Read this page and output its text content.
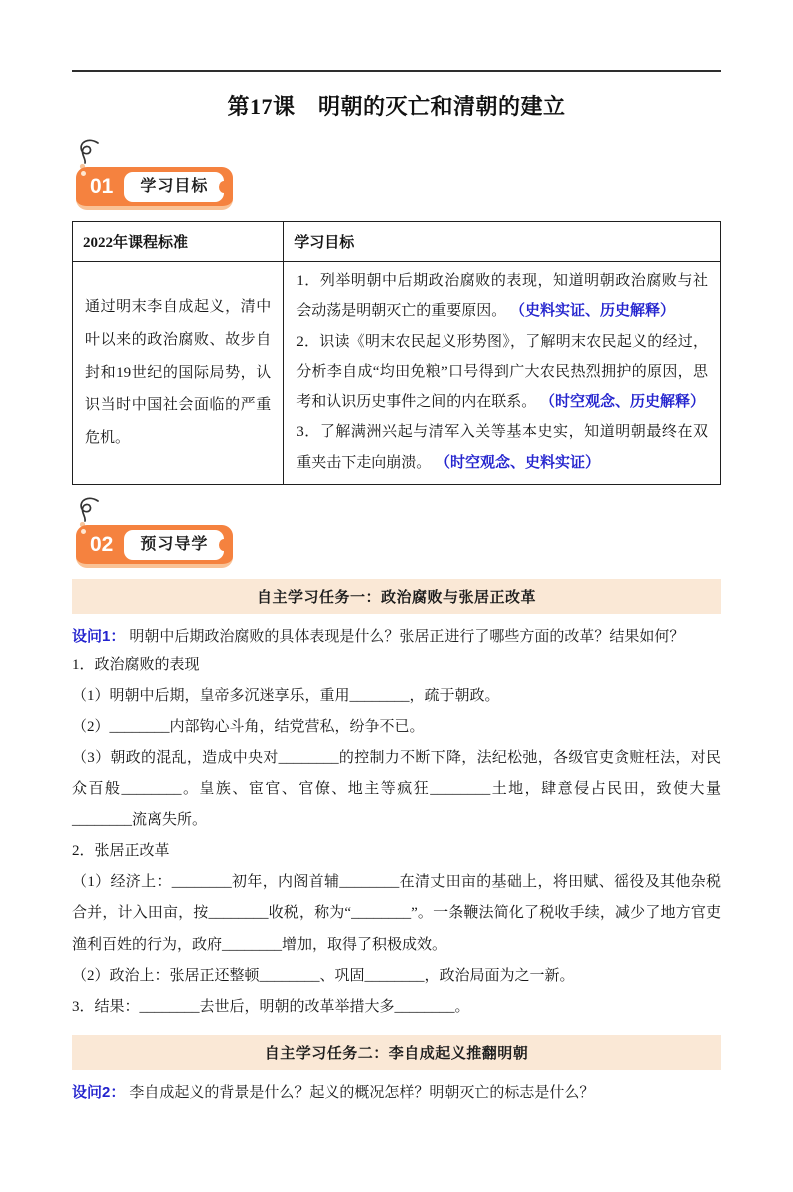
第17课　明朝的灭亡和清朝的建立
01	学习目标
2022年课程标准	学习目标
通过明末李自成起义，清中叶以来的政治腐败、故步自封和19世纪的国际局势，认识当时中国社会面临的严重危机。	1．列举明朝中后期政治腐败的表现，知道明朝政治腐败与社会动荡是明朝灭亡的重要原因。 （史料实证、历史解释）

2．识读《明末农民起义形势图》，了解明末农民起义的经过，分析李自成“均田免粮”口号得到广大农民热烈拥护的原因，思考和认识历史事件之间的内在联系。 （时空观念、历史解释）

3．了解满洲兴起与清军入关等基本史实，知道明朝最终在双重夹击下走向崩溃。 （时空观念、史料实证）

02	预习导学
自主学习任务一：政治腐败与张居正改革

设问1： 明朝中后期政治腐败的具体表现是什么？张居正进行了哪些方面的改革？结果如何？

1．政治腐败的表现

（1）明朝中后期，皇帝多沉迷享乐，重用________，疏于朝政。

（2）________内部钩心斗角，结党营私，纷争不已。

（3）朝政的混乱，造成中央对________的控制力不断下降，法纪松弛，各级官吏贪赃枉法，对民众百般________。皇族、宦官、官僚、地主等疯狂________土地，肆意侵占民田，致使大量________流离失所。

2．张居正改革

（1）经济上：________初年，内阁首辅________在清丈田亩的基础上，将田赋、徭役及其他杂税合并，计入田亩，按________收税，称为“________”。一条鞭法简化了税收手续，减少了地方官吏渔利百姓的行为，政府________增加，取得了积极成效。

（2）政治上：张居正还整顿________、巩固________，政治局面为之一新。

3．结果：________去世后，明朝的改革举措大多________。

自主学习任务二：李自成起义推翻明朝

设问2： 李自成起义的背景是什么？起义的概况怎样？明朝灭亡的标志是什么？
